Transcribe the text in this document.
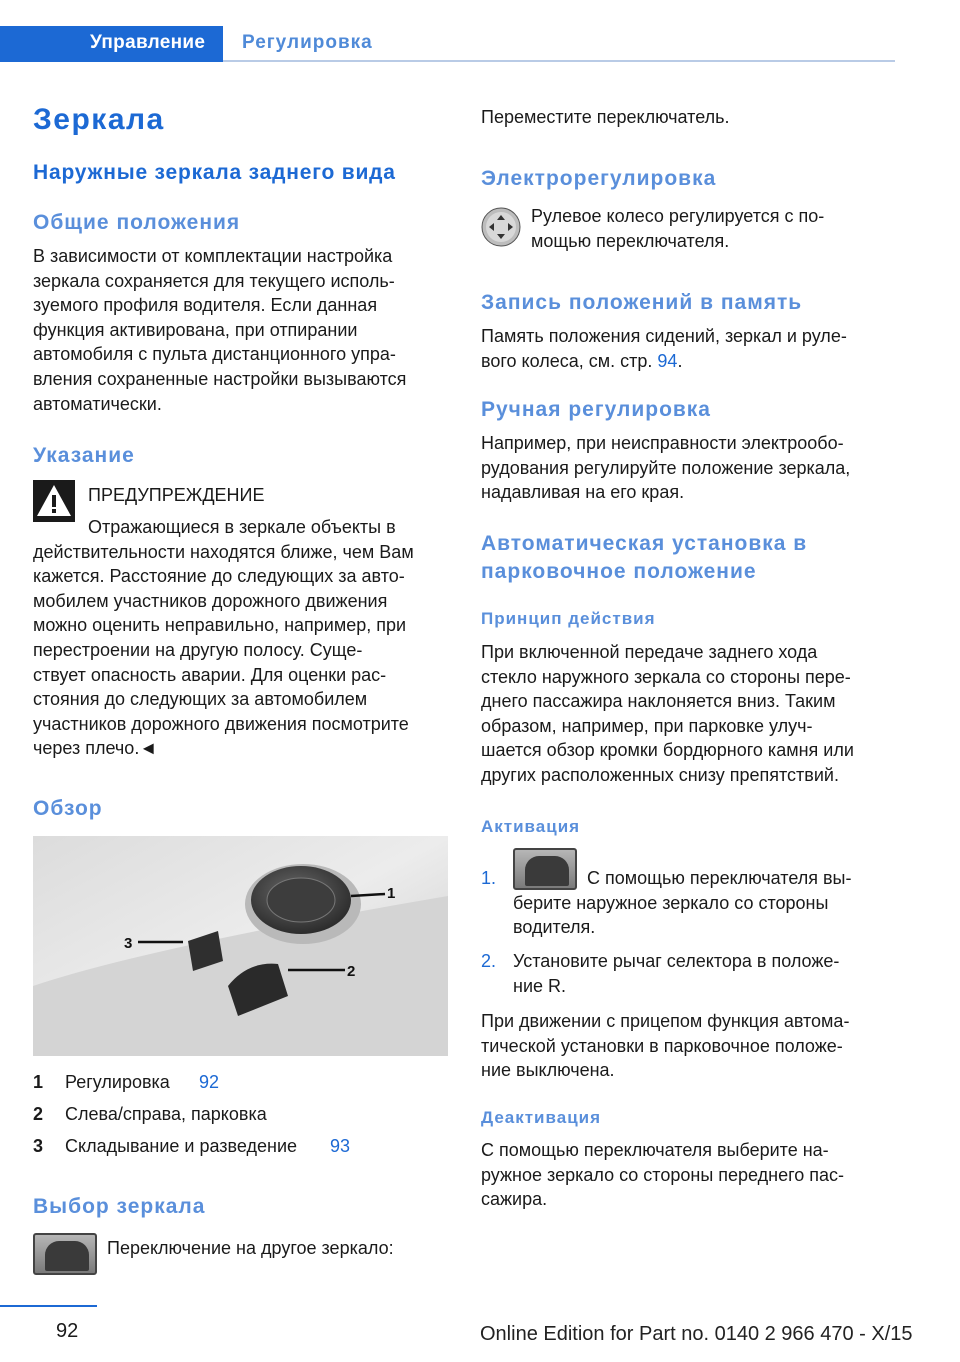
Управление	Регулировка
Зеркала
Наружные зеркала заднего вида
Общие положения
В зависимости от комплектации настройка
зеркала сохраняется для текущего исполь‐
зуемого профиля водителя. Если данная
функция активирована, при отпирании
автомобиля с пульта дистанционного упра‐
вления сохраненные настройки вызываются
автоматически.
Указание
ПРЕДУПРЕЖДЕНИЕ
Отражающиеся в зеркале объекты в
действительности находятся ближе, чем Вам
кажется. Расстояние до следующих за авто‐
мобилем участников дорожного движения
можно оценить неправильно, например, при
перестроении на другую полосу. Суще‐
ствует опасность аварии. Для оценки рас‐
стояния до следующих за автомобилем
участников дорожного движения посмотрите
через плечо.◄
Обзор
1
2
3
1 Регулировка 92
2 Слева/справа, парковка
3 Складывание и разведение 93
Выбор зеркала
Переключение на другое зеркало:
Переместите переключатель.
Электрорегулировка
Рулевое колесо регулируется с по‐
мощью переключателя.
Запись положений в память
Память положения сидений, зеркал и руле‐
вого колеса, см. стр. 94.
Ручная регулировка
Например, при неисправности электрообо‐
рудования регулируйте положение зеркала,
надавливая на его края.
Автоматическая установка в
парковочное положение
Принцип действия
При включенной передаче заднего хода
стекло наружного зеркала со стороны пере‐
днего пассажира наклоняется вниз. Таким
образом, например, при парковке улуч‐
шается обзор кромки бордюрного камня или
других расположенных снизу препятствий.
Активация
1.	С помощью переключателя вы‐
берите наружное зеркало со стороны
водителя.
2. Установите рычаг селектора в положе‐
ние R.
При движении с прицепом функция автома‐
тической установки в парковочное положе‐
ние выключена.
Деактивация
С помощью переключателя выберите на‐
ружное зеркало со стороны переднего пас‐
сажира.
92	Online Edition for Part no. 0140 2 966 470 - X/15
